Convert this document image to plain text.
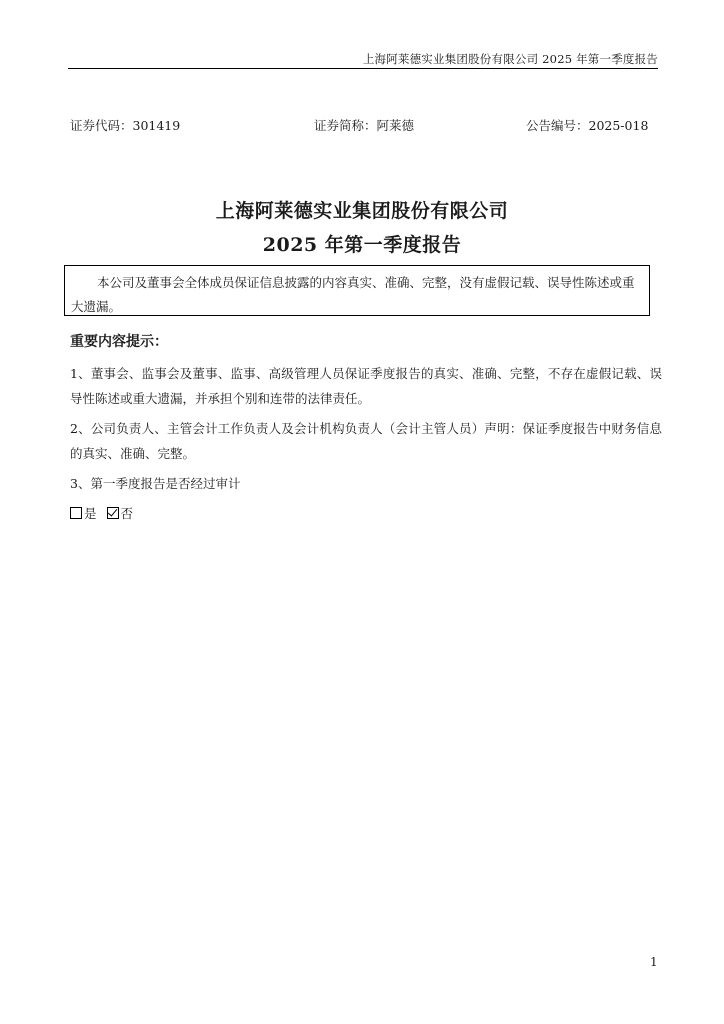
上海阿莱德实业集团股份有限公司 2025 年第一季度报告
证券代码：301419	证券简称：阿莱德	公告编号：2025-018
上海阿莱德实业集团股份有限公司
2025 年第一季度报告
本公司及董事会全体成员保证信息披露的内容真实、准确、完整，没有虚假记载、误导性陈述或重大遗漏。
重要内容提示：
1、董事会、监事会及董事、监事、高级管理人员保证季度报告的真实、准确、完整，不存在虚假记载、误导性陈述或重大遗漏，并承担个别和连带的法律责任。
2、公司负责人、主管会计工作负责人及会计机构负责人（会计主管人员）声明：保证季度报告中财务信息的真实、准确、完整。
3、第一季度报告是否经过审计
是 否
1
